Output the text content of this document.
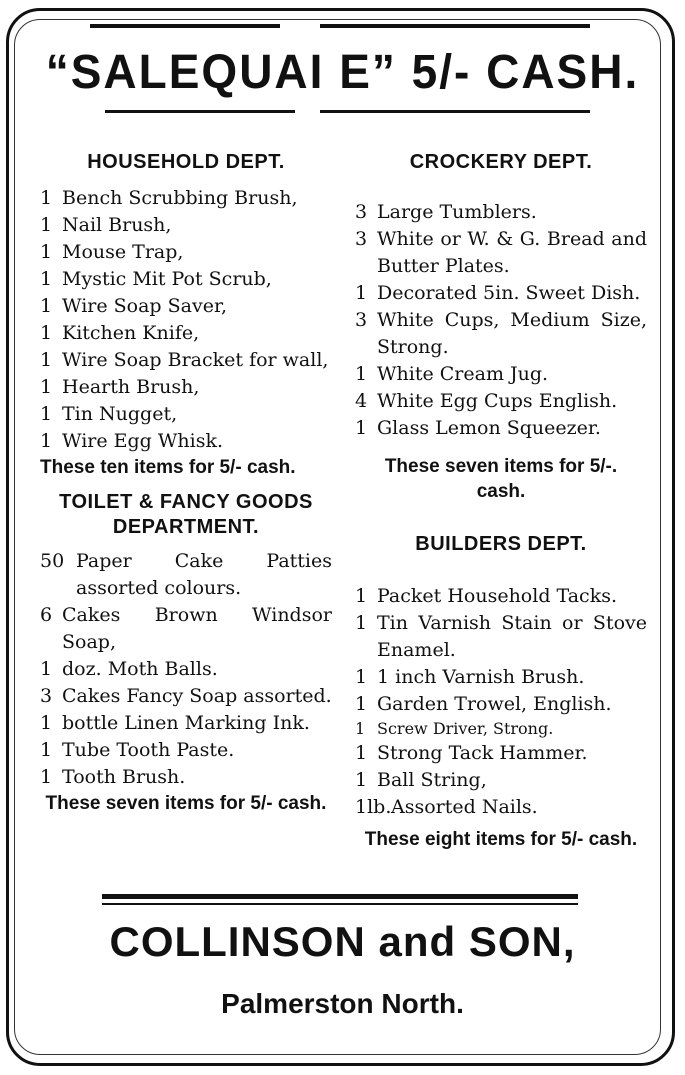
“SALEQUAI E” 5/- CASH.
HOUSEHOLD DEPT.
1 Bench Scrubbing Brush,
1 Nail Brush,
1 Mouse Trap,
1 Mystic Mit Pot Scrub,
1 Wire Soap Saver,
1 Kitchen Knife,
1 Wire Soap Bracket for wall,
1 Hearth Brush,
1 Tin Nugget,
1 Wire Egg Whisk.
These ten items for 5/- cash.
TOILET & FANCY GOODS DEPARTMENT.
50 Paper Cake Patties assorted colours.
6 Cakes Brown Windsor Soap,
1 doz. Moth Balls.
3 Cakes Fancy Soap assorted.
1 bottle Linen Marking Ink.
1 Tube Tooth Paste.
1 Tooth Brush.
These seven items for 5/- cash.
CROCKERY DEPT.
3 Large Tumblers.
3 White or W. & G. Bread and Butter Plates.
1 Decorated 5in. Sweet Dish.
3 White Cups, Medium Size, Strong.
1 White Cream Jug.
4 White Egg Cups English.
1 Glass Lemon Squeezer.
These seven items for 5/-. cash.
BUILDERS DEPT.
1 Packet Household Tacks.
1 Tin Varnish Stain or Stove Enamel.
1 1 inch Varnish Brush.
1 Garden Trowel, English.
1 Screw Driver, Strong.
1 Strong Tack Hammer.
1 Ball String,
1lb. Assorted Nails.
These eight items for 5/- cash.
COLLINSON and SON,
Palmerston North.
